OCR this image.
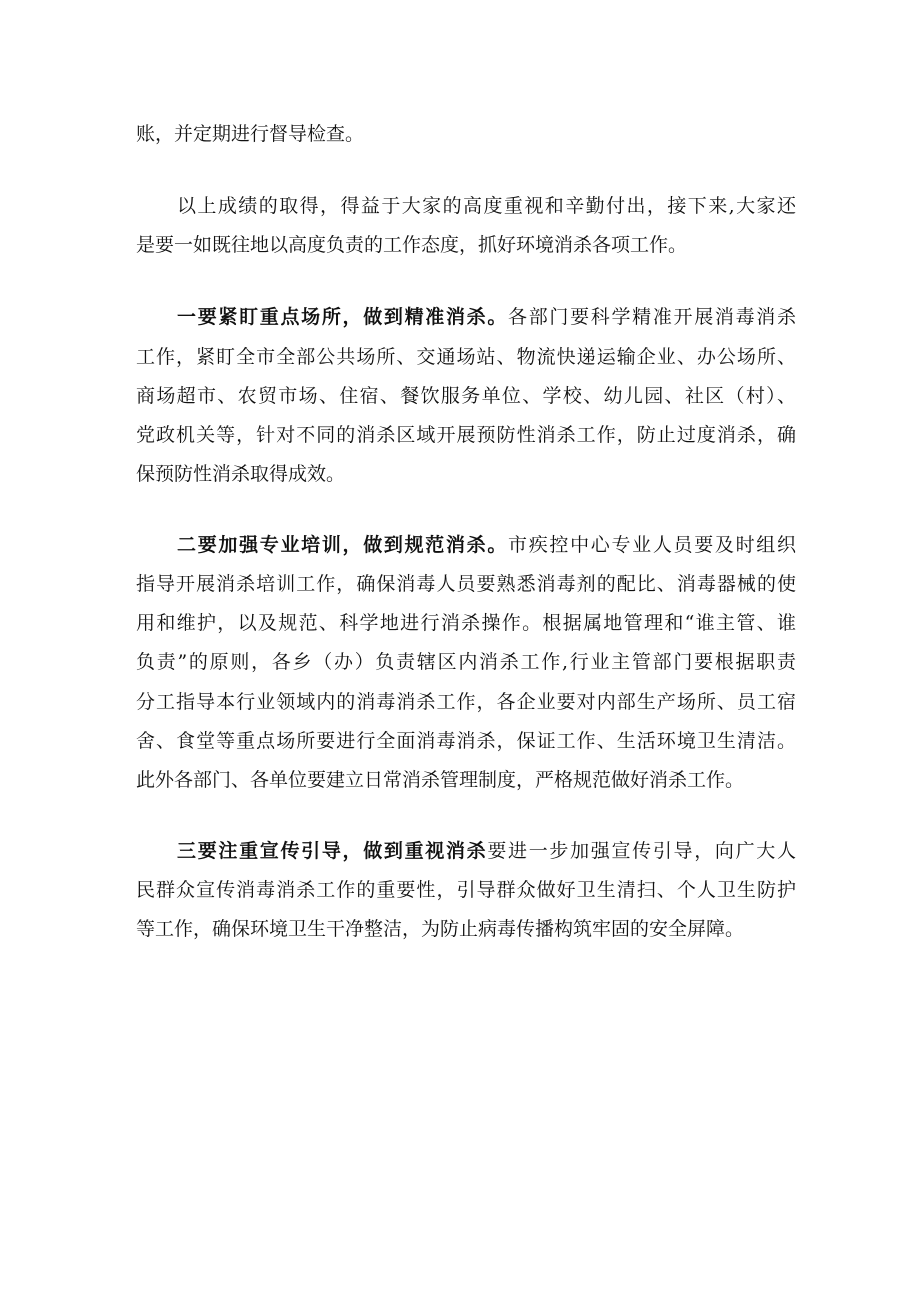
账，并定期进行督导检查。
以上成绩的取得，得益于大家的高度重视和辛勤付出，接下来,大家还
是要一如既往地以高度负责的工作态度，抓好环境消杀各项工作。
一要紧盯重点场所，做到精准消杀。各部门要科学精准开展消毒消杀
工作，紧盯全市全部公共场所、交通场站、物流快递运输企业、办公场所、
商场超市、农贸市场、住宿、餐饮服务单位、学校、幼儿园、社区（村）、
党政机关等，针对不同的消杀区域开展预防性消杀工作，防止过度消杀，确
保预防性消杀取得成效。
二要加强专业培训，做到规范消杀。市疾控中心专业人员要及时组织
指导开展消杀培训工作，确保消毒人员要熟悉消毒剂的配比、消毒器械的使
用和维护，以及规范、科学地进行消杀操作。根据属地管理和“谁主管、谁
负责”的原则，各乡（办）负责辖区内消杀工作,行业主管部门要根据职责
分工指导本行业领域内的消毒消杀工作，各企业要对内部生产场所、员工宿
舍、食堂等重点场所要进行全面消毒消杀，保证工作、生活环境卫生清洁。
此外各部门、各单位要建立日常消杀管理制度，严格规范做好消杀工作。
三要注重宣传引导，做到重视消杀要进一步加强宣传引导，向广大人
民群众宣传消毒消杀工作的重要性，引导群众做好卫生清扫、个人卫生防护
等工作，确保环境卫生干净整洁，为防止病毒传播构筑牢固的安全屏障。
